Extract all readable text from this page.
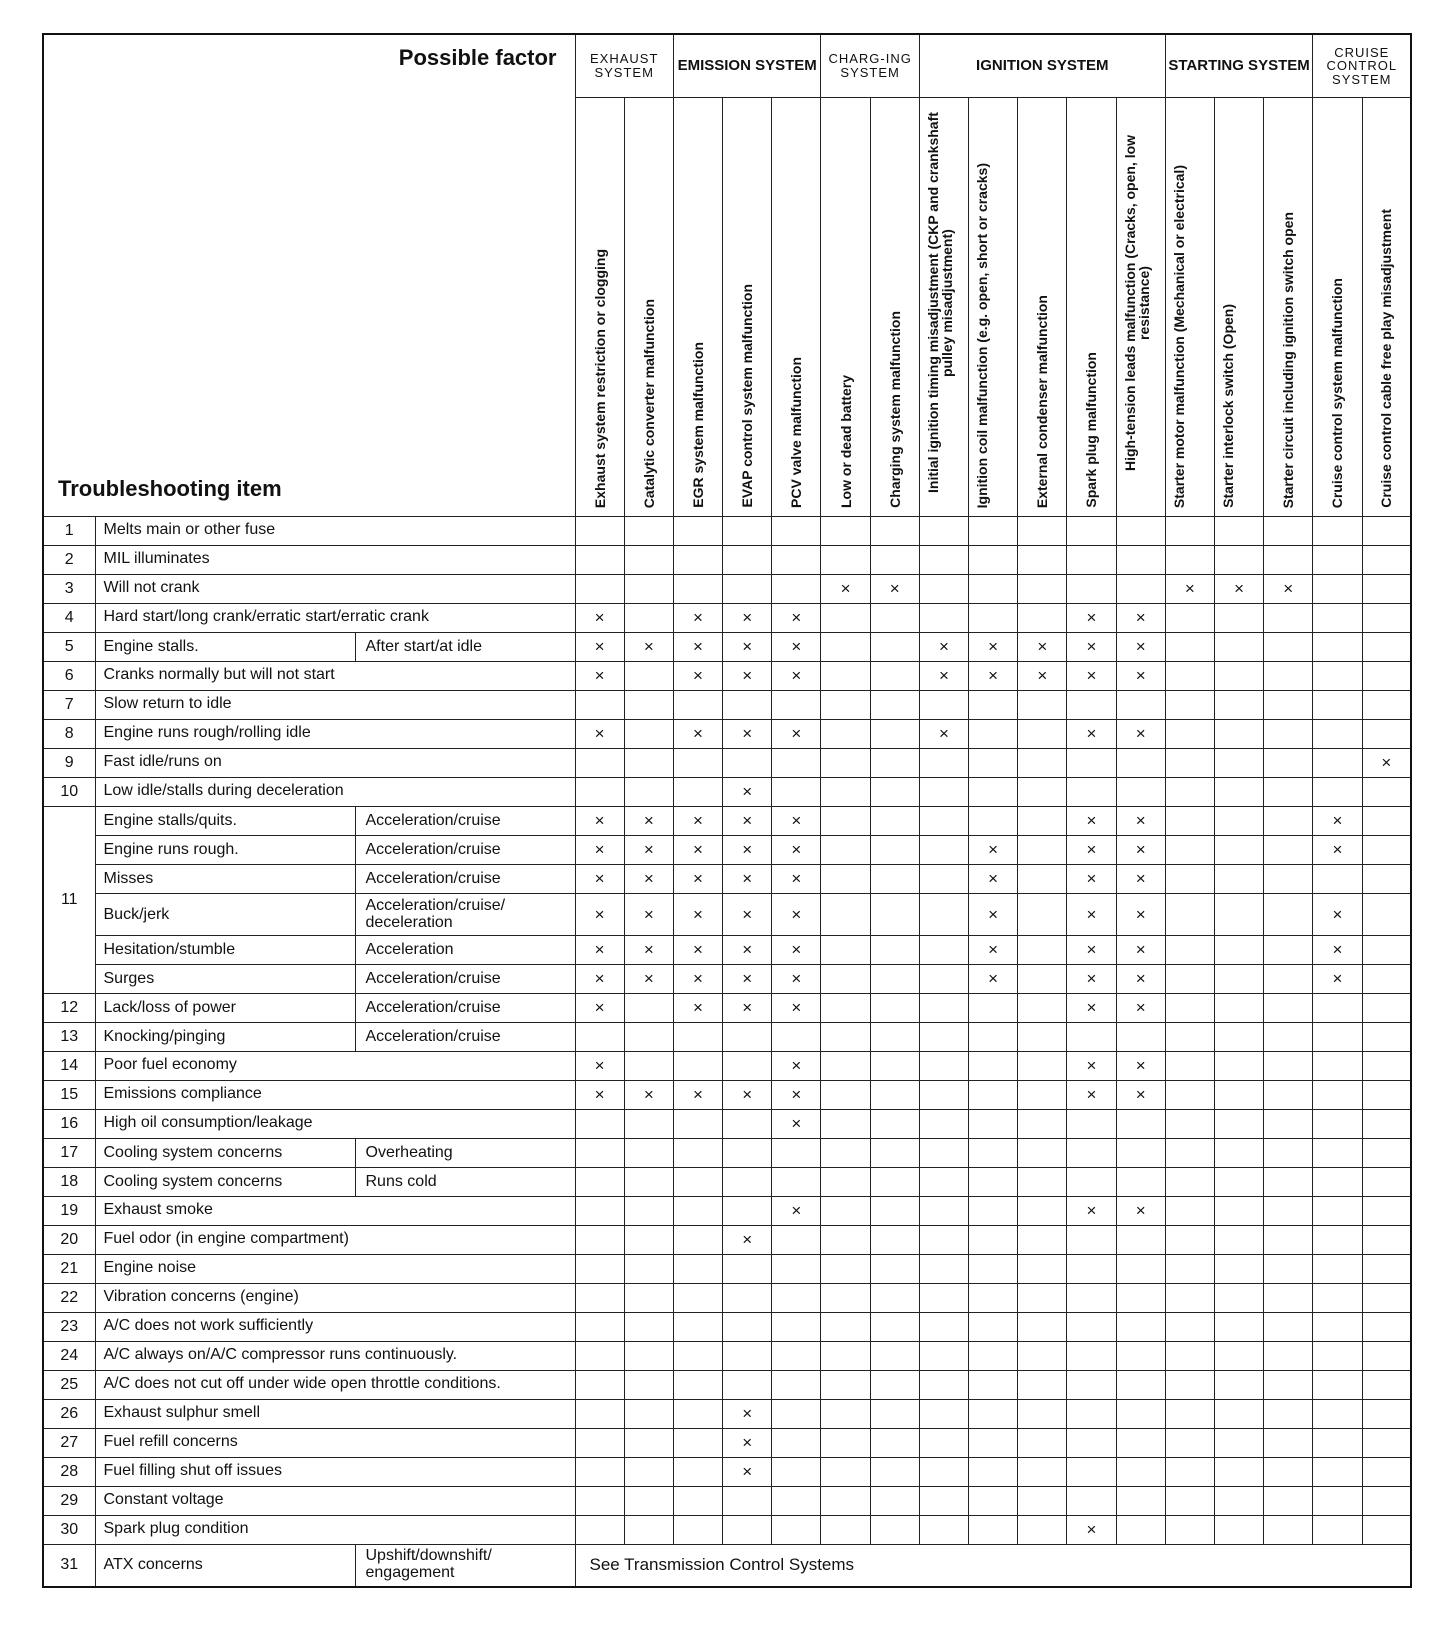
Possible factor
Troubleshooting item			EXHAUST SYSTEM		EMISSION SYSTEM			CHARG-ING SYSTEM		IGNITION SYSTEM					STARTING SYSTEM			CRUISE CONTROL SYSTEM	

			Exhaust system restriction or clogging	Catalytic converter malfunction	EGR system malfunction	EVAP control system malfunction	PCV valve malfunction	Low or dead battery	Charging system malfunction	Initial ignition timing misadjustment (CKP and crankshaft pulley misadjustment)	Ignition coil malfunction (e.g. open, short or cracks)	External condenser malfunction	Spark plug malfunction	High-tension leads malfunction (Cracks, open, low resistance)	Starter motor malfunction (Mechanical or electrical)	Starter interlock switch (Open)	Starter circuit including ignition switch open	Cruise control system malfunction	Cruise control cable free play misadjustment

1	Melts main or other fuse																		

2	MIL illuminates																		

3	Will not crank							×	×						×	×	×		
4	Hard start/long crank/erratic start/erratic crank		×		×	×	×						×	×					
5	Engine stalls.	After start/at idle	×	×	×	×	×			×	×	×	×	×					
6	Cranks normally but will not start		×		×	×	×			×	×	×	×	×					
7	Slow return to idle																		

8	Engine runs rough/rolling idle		×		×	×	×			×			×	×					
9	Fast idle/runs on																		×
10	Low idle/stalls during deceleration					×													
11	Engine stalls/quits.	Acceleration/cruise	×	×	×	×	×						×	×				×	
	Engine runs rough.	Acceleration/cruise	×	×	×	×	×				×		×	×				×	
	Misses	Acceleration/cruise	×	×	×	×	×				×		×	×					
	Buck/jerk	Acceleration/cruise/ deceleration	×	×	×	×	×				×		×	×				×	
	Hesitation/stumble	Acceleration	×	×	×	×	×				×		×	×				×	
	Surges	Acceleration/cruise	×	×	×	×	×				×		×	×				×	
12	Lack/loss of power	Acceleration/cruise	×		×	×	×						×	×					
13	Knocking/pinging	Acceleration/cruise																	
14	Poor fuel economy		×				×						×	×					
15	Emissions compliance		×	×	×	×	×						×	×					
16	High oil consumption/leakage						×												
17	Cooling system concerns	Overheating																	
18	Cooling system concerns	Runs cold																	
19	Exhaust smoke						×						×	×					
20	Fuel odor (in engine compartment)					×													
21	Engine noise																		

22	Vibration concerns (engine)																		

23	A/C does not work sufficiently																		

24	A/C always on/A/C compressor runs continuously.																		

25	A/C does not cut off under wide open throttle conditions.																		

26	Exhaust sulphur smell					×													
27	Fuel refill concerns					×													
28	Fuel filling shut off issues					×													
29	Constant voltage																		

30	Spark plug condition												×						
31	ATX concerns	Upshift/downshift/ engagement	See Transmission Control Systems																
